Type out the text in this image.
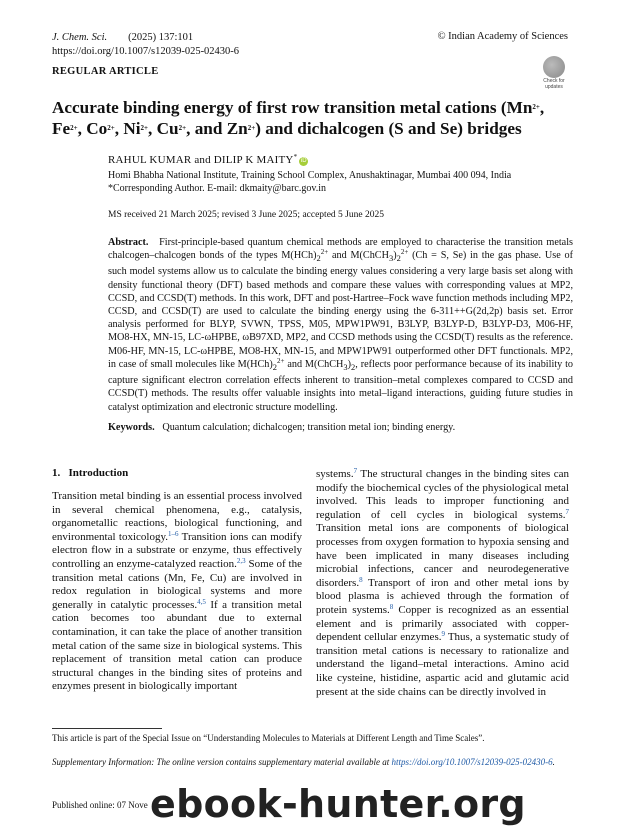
J. Chem. Sci. (2025) 137:101
https://doi.org/10.1007/s12039-025-02430-6
© Indian Academy of Sciences
REGULAR ARTICLE
Check for updates
Accurate binding energy of first row transition metal cations ($Mn^{2+}$, $Fe^{2+}$, $Co^{2+}$, $Ni^{2+}$, $Cu^{2+}$, and $Zn^{2+}$) and dichalcogen (S and Se) bridges
RAHUL KUMAR and DILIP K MAITY* iD
Homi Bhabha National Institute, Training School Complex, Anushaktinagar, Mumbai 400 094, India
*Corresponding Author. E-mail: dkmaity@barc.gov.in
MS received 21 March 2025; revised 3 June 2025; accepted 5 June 2025
Abstract. First-principle-based quantum chemical methods are employed to characterise the transition metals chalcogen–chalcogen bonds of the types $M(HCh)_2^{2+}$ and $M(ChCH_3)_2^{2+}$ (Ch = S, Se) in the gas phase. Use of such model systems allow us to calculate the binding energy values considering a very large basis set along with density functional theory (DFT) based methods and compare these values with corresponding values at MP2, CCSD, and CCSD(T) methods. In this work, DFT and post-Hartree–Fock wave function methods including MP2, CCSD, and CCSD(T) are used to calculate the binding energy using the 6-311++G(2d,2p) basis set. Error analysis performed for BLYP, SVWN, TPSS, M05, MPW1PW91, B3LYP, B3LYP-D, B3LYP-D3, M06-HF, MO8-HX, MN-15, LC-ωHPBE, ωB97XD, MP2, and CCSD methods using the CCSD(T) results as the reference. M06-HF, MN-15, LC-ωHPBE, MO8-HX, MN-15, and MPW1PW91 outperformed other DFT functionals. MP2, in case of small molecules like $M(HCh)_2^{2+}$ and $M(ChCH_3)_2$, reflects poor performance because of its inability to capture significant electron correlation effects inherent to transition–metal complexes compared to CCSD and CCSD(T) methods. The results offer valuable insights into metal–ligand interactions, guiding future studies in catalyst optimization and electronic structure modelling.
Keywords. Quantum calculation; dichalcogen; transition metal ion; binding energy.
1. Introduction
Transition metal binding is an essential process involved in several chemical phenomena, e.g., catalysis, organometallic reactions, biological functioning, and environmental toxicology.$^{1-6}$ Transition ions can modify electron flow in a substrate or enzyme, thus effectively controlling an enzyme-catalyzed reaction.$^{2,3}$ Some of the transition metal cations (Mn, Fe, Cu) are involved in redox regulation in biological systems and more generally in catalytic processes.$^{4,5}$ If a transition metal cation becomes too abundant due to external contamination, it can take the place of another transition metal cation of the same size in biological systems. This replacement of transition metal cation can produce structural changes in the binding sites of proteins and enzymes present in biologically important
systems.$^7$ The structural changes in the binding sites can modify the biochemical cycles of the physiological metal involved. This leads to improper functioning and regulation of cell cycles in biological systems.$^7$ Transition metal ions are components of biological processes from oxygen formation to hypoxia sensing and have been implicated in many diseases including microbial infections, cancer and neurodegenerative disorders.$^8$ Transport of iron and other metal ions by blood plasma is achieved through the formation of protein systems.$^8$ Copper is recognized as an essential element and is primarily associated with copper-dependent cellular enzymes.$^9$ Thus, a systematic study of transition metal cations is necessary to rationalize and understand the ligand–metal interactions. Amino acid like cysteine, histidine, aspartic acid and glutamic acid present at the side chains can be directly involved in
This article is part of the Special Issue on “Understanding Molecules to Materials at Different Length and Time Scales”.
Supplementary Information: The online version contains supplementary material available at https://doi.org/10.1007/s12039-025-02430-6.
Published online: 07 Nove ebook-hunter.org
